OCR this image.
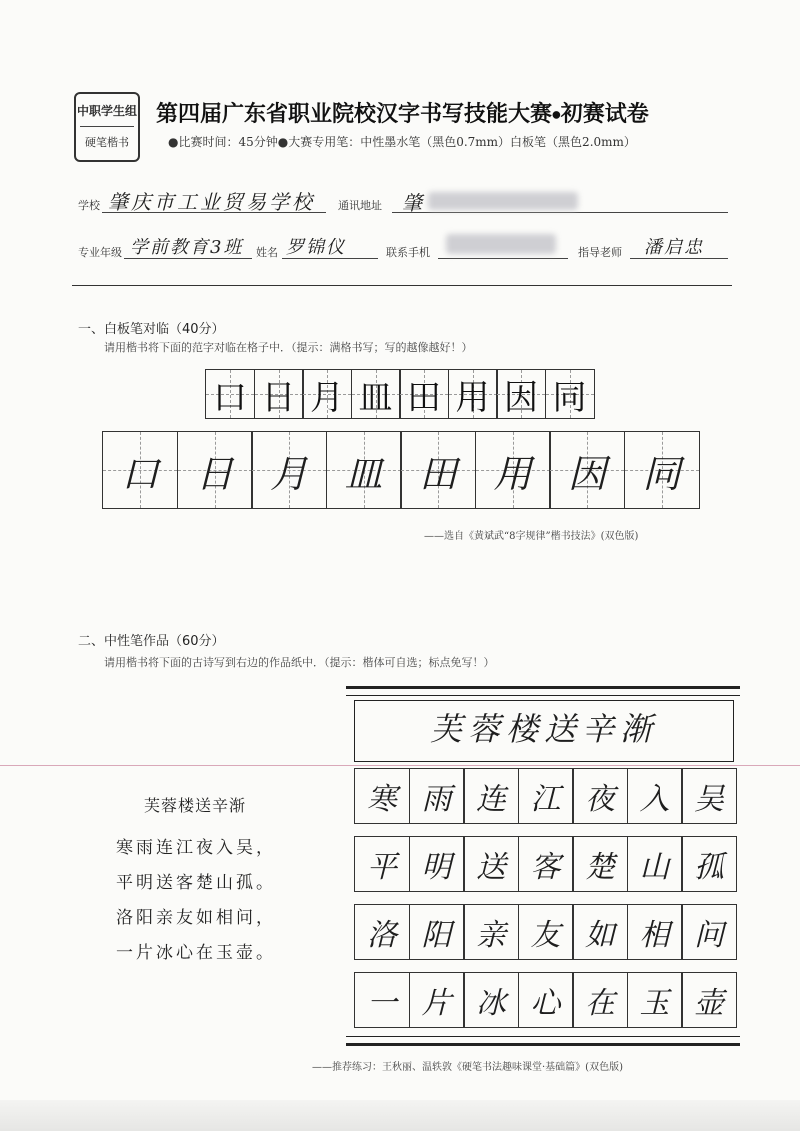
中职学生组
硬笔楷书
第四届广东省职业院校汉字书写技能大赛●初赛试卷
●比赛时间：45分钟●大赛专用笔：中性墨水笔（黑色0.7mm）白板笔（黑色2.0mm）
学校 肇庆市工业贸易学校 通讯地址 肇
专业年级 学前教育3班 姓名 罗锦仪	联系手机	指导老师 潘启忠
一、白板笔对临（40分）
请用楷书将下面的范字对临在格子中．（提示：满格书写；写的越像越好！）
口 日 月 皿 田 用 因 同
口 日 月 皿 田 用 因 同
——选自《黄斌武“8字规律”楷书技法》(双色版)
二、中性笔作品（60分）
请用楷书将下面的古诗写到右边的作品纸中．（提示：楷体可自选；标点免写！）
芙蓉楼送辛渐
寒雨连江夜入吴，
平明送客楚山孤。
洛阳亲友如相问，
一片冰心在玉壶。
芙蓉楼送辛渐
寒 雨 连 江 夜 入 吴
平 明 送 客 楚 山 孤
洛 阳 亲 友 如 相 问
一 片 冰 心 在 玉 壶
——推荐练习：王秋丽、温轶敦《硬笔书法趣味课堂·基础篇》(双色版)
